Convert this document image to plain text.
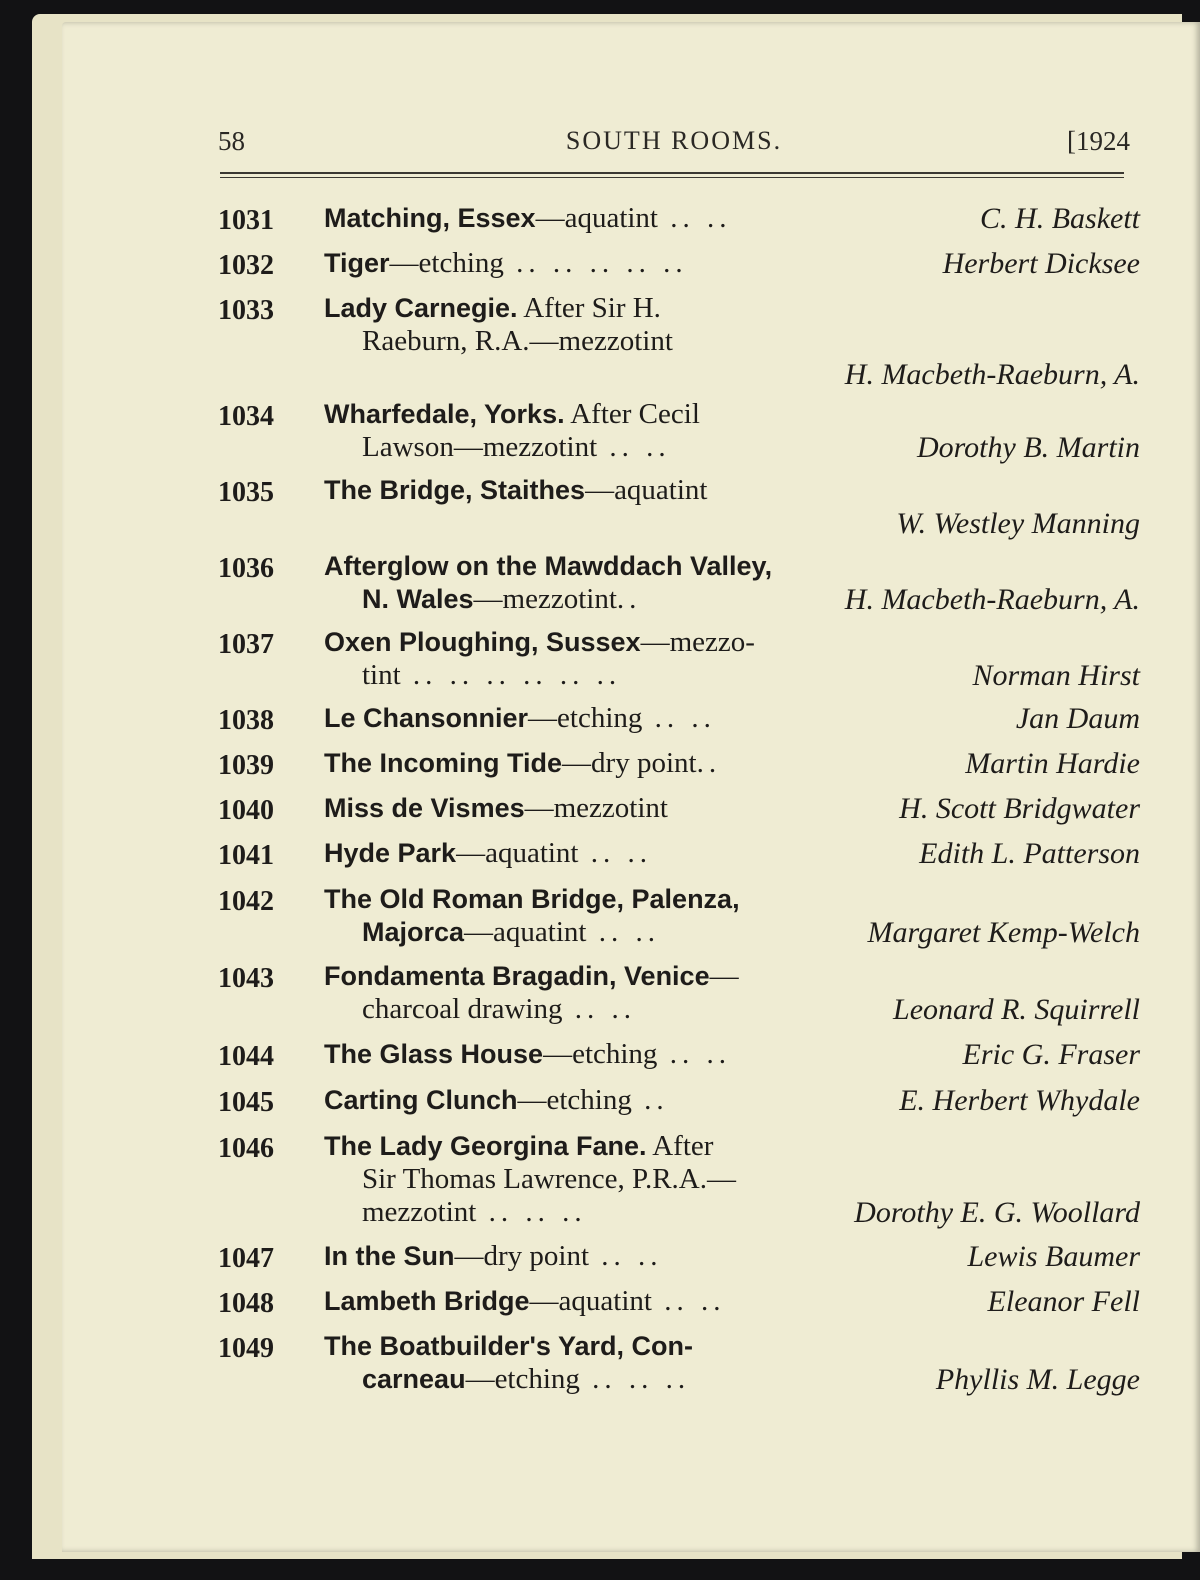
58	SOUTH ROOMS.	[1924
1031	Matching, Essex—aquatint .. ..	C. H. Baskett
1032	Tiger—etching .. .. .. .. ..	Herbert Dicksee
1033	Lady Carnegie. After Sir H.
Raeburn, R.A.—mezzotint
H. Macbeth-Raeburn, A.
1034	Wharfedale, Yorks. After Cecil
Lawson—mezzotint .. ..	Dorothy B. Martin
1035	The Bridge, Staithes—aquatint
W. Westley Manning
1036	Afterglow on the Mawddach Valley,
N. Wales—mezzotint..	H. Macbeth-Raeburn, A.
1037	Oxen Ploughing, Sussex—mezzo-
tint .. .. .. .. .. ..	Norman Hirst
1038	Le Chansonnier—etching .. ..	Jan Daum
1039	The Incoming Tide—dry point..	Martin Hardie
1040	Miss de Vismes—mezzotint	H. Scott Bridgwater
1041	Hyde Park—aquatint .. ..	Edith L. Patterson
1042	The Old Roman Bridge, Palenza,
Majorca—aquatint .. ..	Margaret Kemp-Welch
1043	Fondamenta Bragadin, Venice—
charcoal drawing .. ..	Leonard R. Squirrell
1044	The Glass House—etching .. ..	Eric G. Fraser
1045	Carting Clunch—etching ..	E. Herbert Whydale
1046	The Lady Georgina Fane. After
Sir Thomas Lawrence, P.R.A.—
mezzotint .. .. ..	Dorothy E. G. Woollard
1047	In the Sun—dry point .. ..	Lewis Baumer
1048	Lambeth Bridge—aquatint .. ..	Eleanor Fell
1049	The Boatbuilder's Yard, Con-
carneau—etching .. .. ..	Phyllis M. Legge
